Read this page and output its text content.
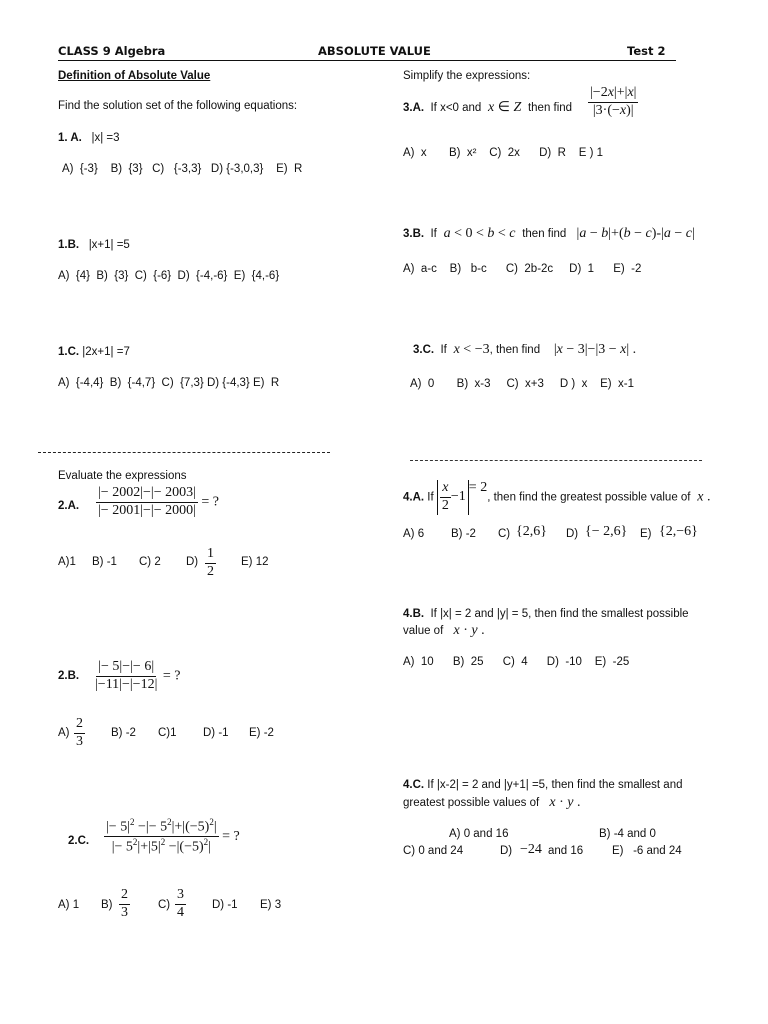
CLASS 9 Algebra	ABSOLUTE VALUE	Test 2
Definition of Absolute Value
Find the solution set of the following equations:
1. A. |x| =3
A)  {-3}    B)  {3}   C)   {-3,3}   D) {-3,0,3}    E)  R
1.B. |x+1| =5
A)  {4}  B)  {3}  C)  {-6}  D)  {-4,-6}  E)  {4,-6}
1.C. |2x+1| =7
A)  {-4,4}  B)  {-4,7}  C)  {7,3} D) {-4,3} E)  R
Evaluate the expressions
2.A. $\frac{|- 2002|-|- 2003|}{|- 2001|-|- 2000|}$ = ?
A)1 B) -1 C) 2 $D) \frac{1}{2} E$) 12
2.B. $\frac{|- 5|-|- 6|}{|-11|-|-12|}$ = ?
$A) \frac{2}{3} B$) -2 C)1 D) -1 E) -2
2.C. $\frac{|- 5|^2 -|- 5^2|+|(-5)^2|}{|- 5^2|+|5|^2 -|(-5)^2|}$ = ?
A) 1 $B) \frac{2}{3} C) \frac{3}{4} D$) -1 E) 3
Simplify the expressions:
3.A. If x<0 and x ∈ Z then find $\frac{|-2x|+|x|}{|3\cdot(-x)|}$
A)  x       B)  x²    C)  2x      D)  R    E ) 1
3.B. If a < 0 < b < c then find   |a − b|+(b − c)-|a − c|
A)  a-c    B)   b-c      C)  2b-2c     D)  1      E)  -2
3.C. If x < −3, then find    |x − 3|−|3 − x| .
A)  0       B)  x-3     C)  x+3     D )  x    E)  x-1
4.A. If $\frac{x}{2} -1= 2$, then find the greatest possible value of  x .
A) 6 B) -2 C) {2,6} D) {− 2,6} E) {2,−6}
4.B. If |x| = 2 and |y| = 5, then find the smallest possible
value of x · y .
A)  10      B)  25      C)  4      D)  -10    E)  -25
4.C. If |x-2| = 2 and |y+1| =5, then find the smallest and
greatest possible values of x · y .
A) 0 and 16	B) -4 and 0
C) 0 and 24	D) −24 and 16	E)   -6 and 24
